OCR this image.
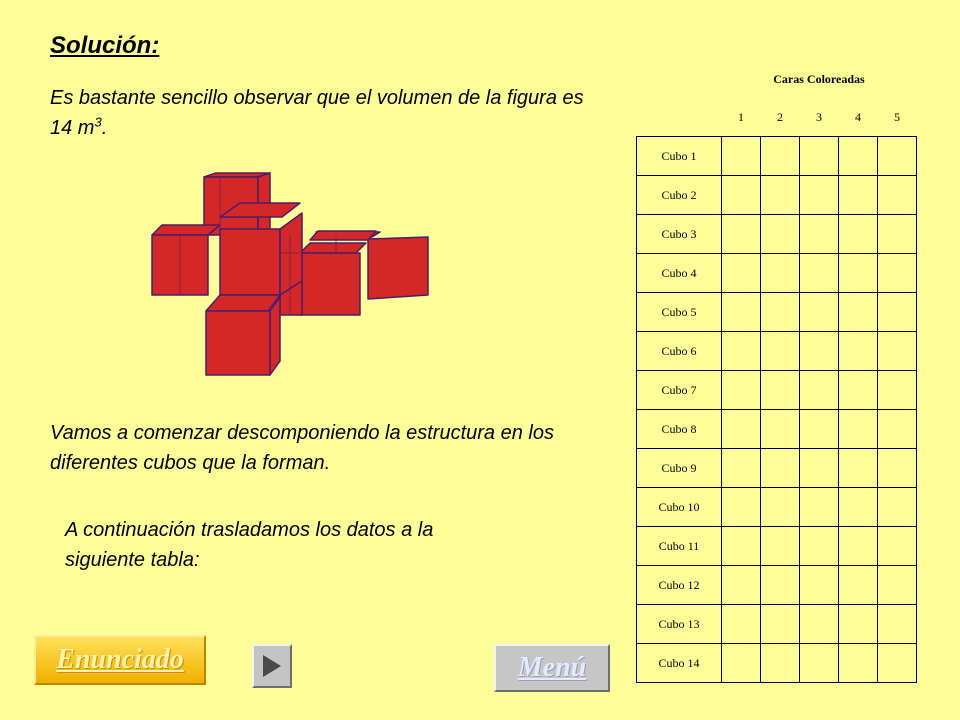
Solución:

Es bastante sencillo observar que el volumen de la figura es 14 $m^3$.

Vamos a comenzar descomponiendo la estructura en los diferentes cubos que la forman.

A continuación trasladamos los datos a la siguiente tabla:

	Caras Coloreadas				
	1	2	3	4	5
Cubo 1					
Cubo 2					
Cubo 3					
Cubo 4					
Cubo 5					
Cubo 6					
Cubo 7					
Cubo 8					
Cubo 9					
Cubo 10					
Cubo 11					
Cubo 12					
Cubo 13					
Cubo 14					
Enunciado	Menú
